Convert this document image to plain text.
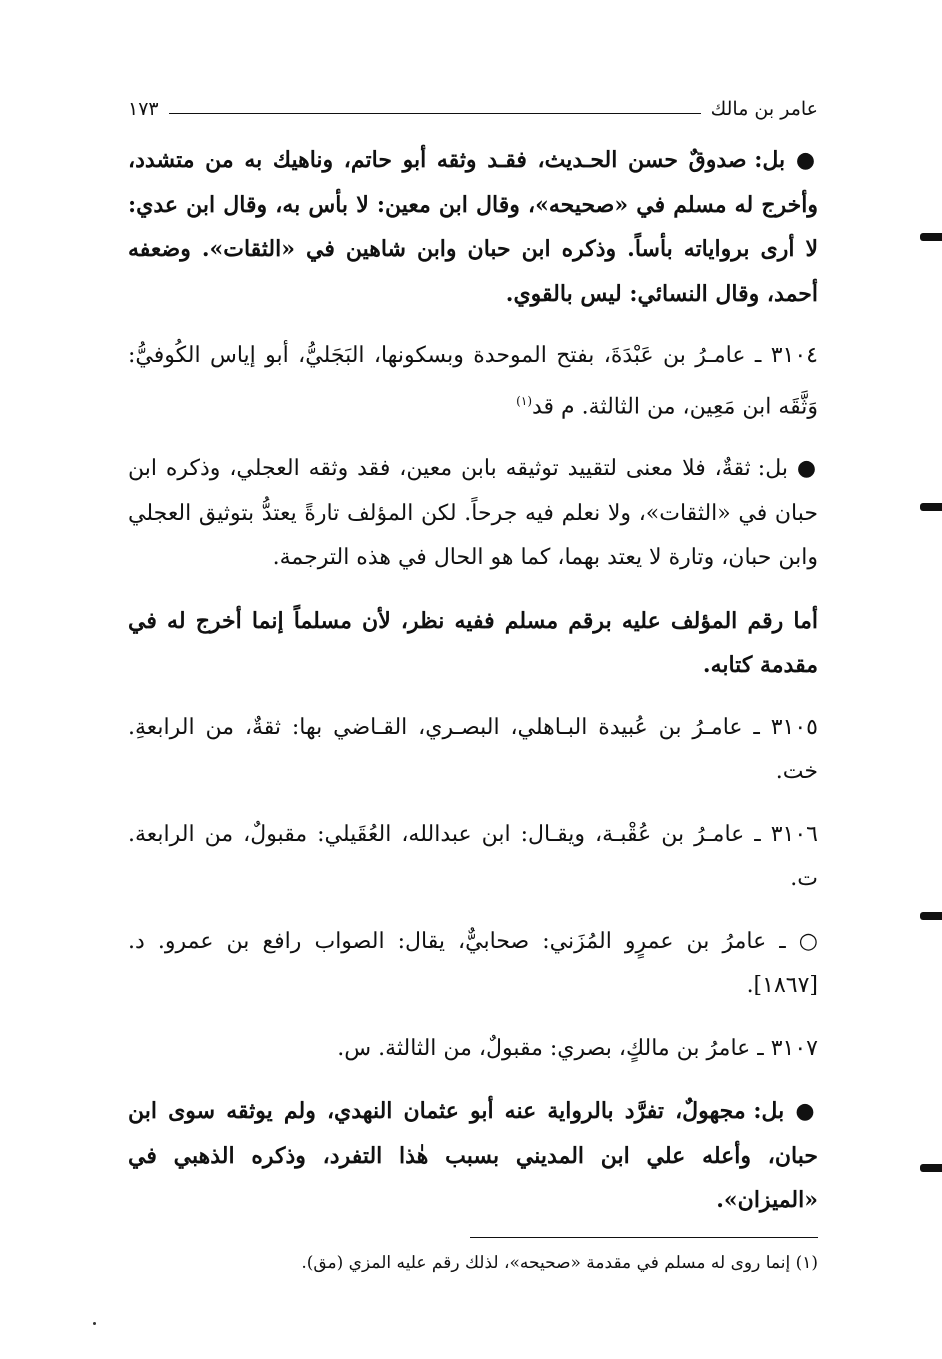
عامر بن مالك
١٧٣

● بل: صدوقٌ حسن الحـديث، فقـد وثقه أبو حاتم، وناهيك به من متشدد، وأخرج له مسلم في «صحيحه»، وقال ابن معين: لا بأس به، وقال ابن عدي: لا أرى برواياته بأساً. وذكره ابن حبان وابن شاهين في «الثقات». وضعفه أحمد، وقال النسائي: ليس بالقوي.

٣١٠٤ ـ عامـرُ بن عَبْدَةَ، بفتح الموحدة وبسكونها، البَجَليُّ، أبو إياس الكُوفيُّ: وَثَّقَه ابن مَعِين، من الثالثة. م قد$^{(١)}$

● بل: ثقةٌ، فلا معنى لتقييد توثيقه بابن معين، فقد وثقه العجلي، وذكره ابن حبان في «الثقات»، ولا نعلم فيه جرحاً. لكن المؤلف تارةً يعتدُّ بتوثيق العجلي وابن حبان، وتارة لا يعتد بهما، كما هو الحال في هذه الترجمة.

أما رقم المؤلف عليه برقم مسلم ففيه نظر، لأن مسلماً إنما أخرج له في مقدمة كتابه.

٣١٠٥ ـ عامـرُ بن عُبيدة البـاهلي، البصـري، القـاضي بها: ثقةٌ، من الرابعةِ. خت.

٣١٠٦ ـ عامـرُ بن عُقْبـة، ويقـال: ابن عبدالله، العُقَيلي: مقبولٌ، من الرابعة. ت.

○ ـ عامرُ بن عمرٍو المُزَني: صحابيٌّ، يقال: الصواب رافع بن عمرو. د. [١٨٦٧].

٣١٠٧ ـ عامرُ بن مالكٍ، بصري: مقبولٌ، من الثالثة. س.

● بل: مجهولٌ، تفرَّد بالرواية عنه أبو عثمان النهدي، ولم يوثقه سوى ابن حبان، وأعله علي ابن المديني بسبب هٰذا التفرد، وذكره الذهبي في «الميزان».

(١) إنما روى له مسلم في مقدمة «صحيحه»، لذلك رقم عليه المزي (مق).
